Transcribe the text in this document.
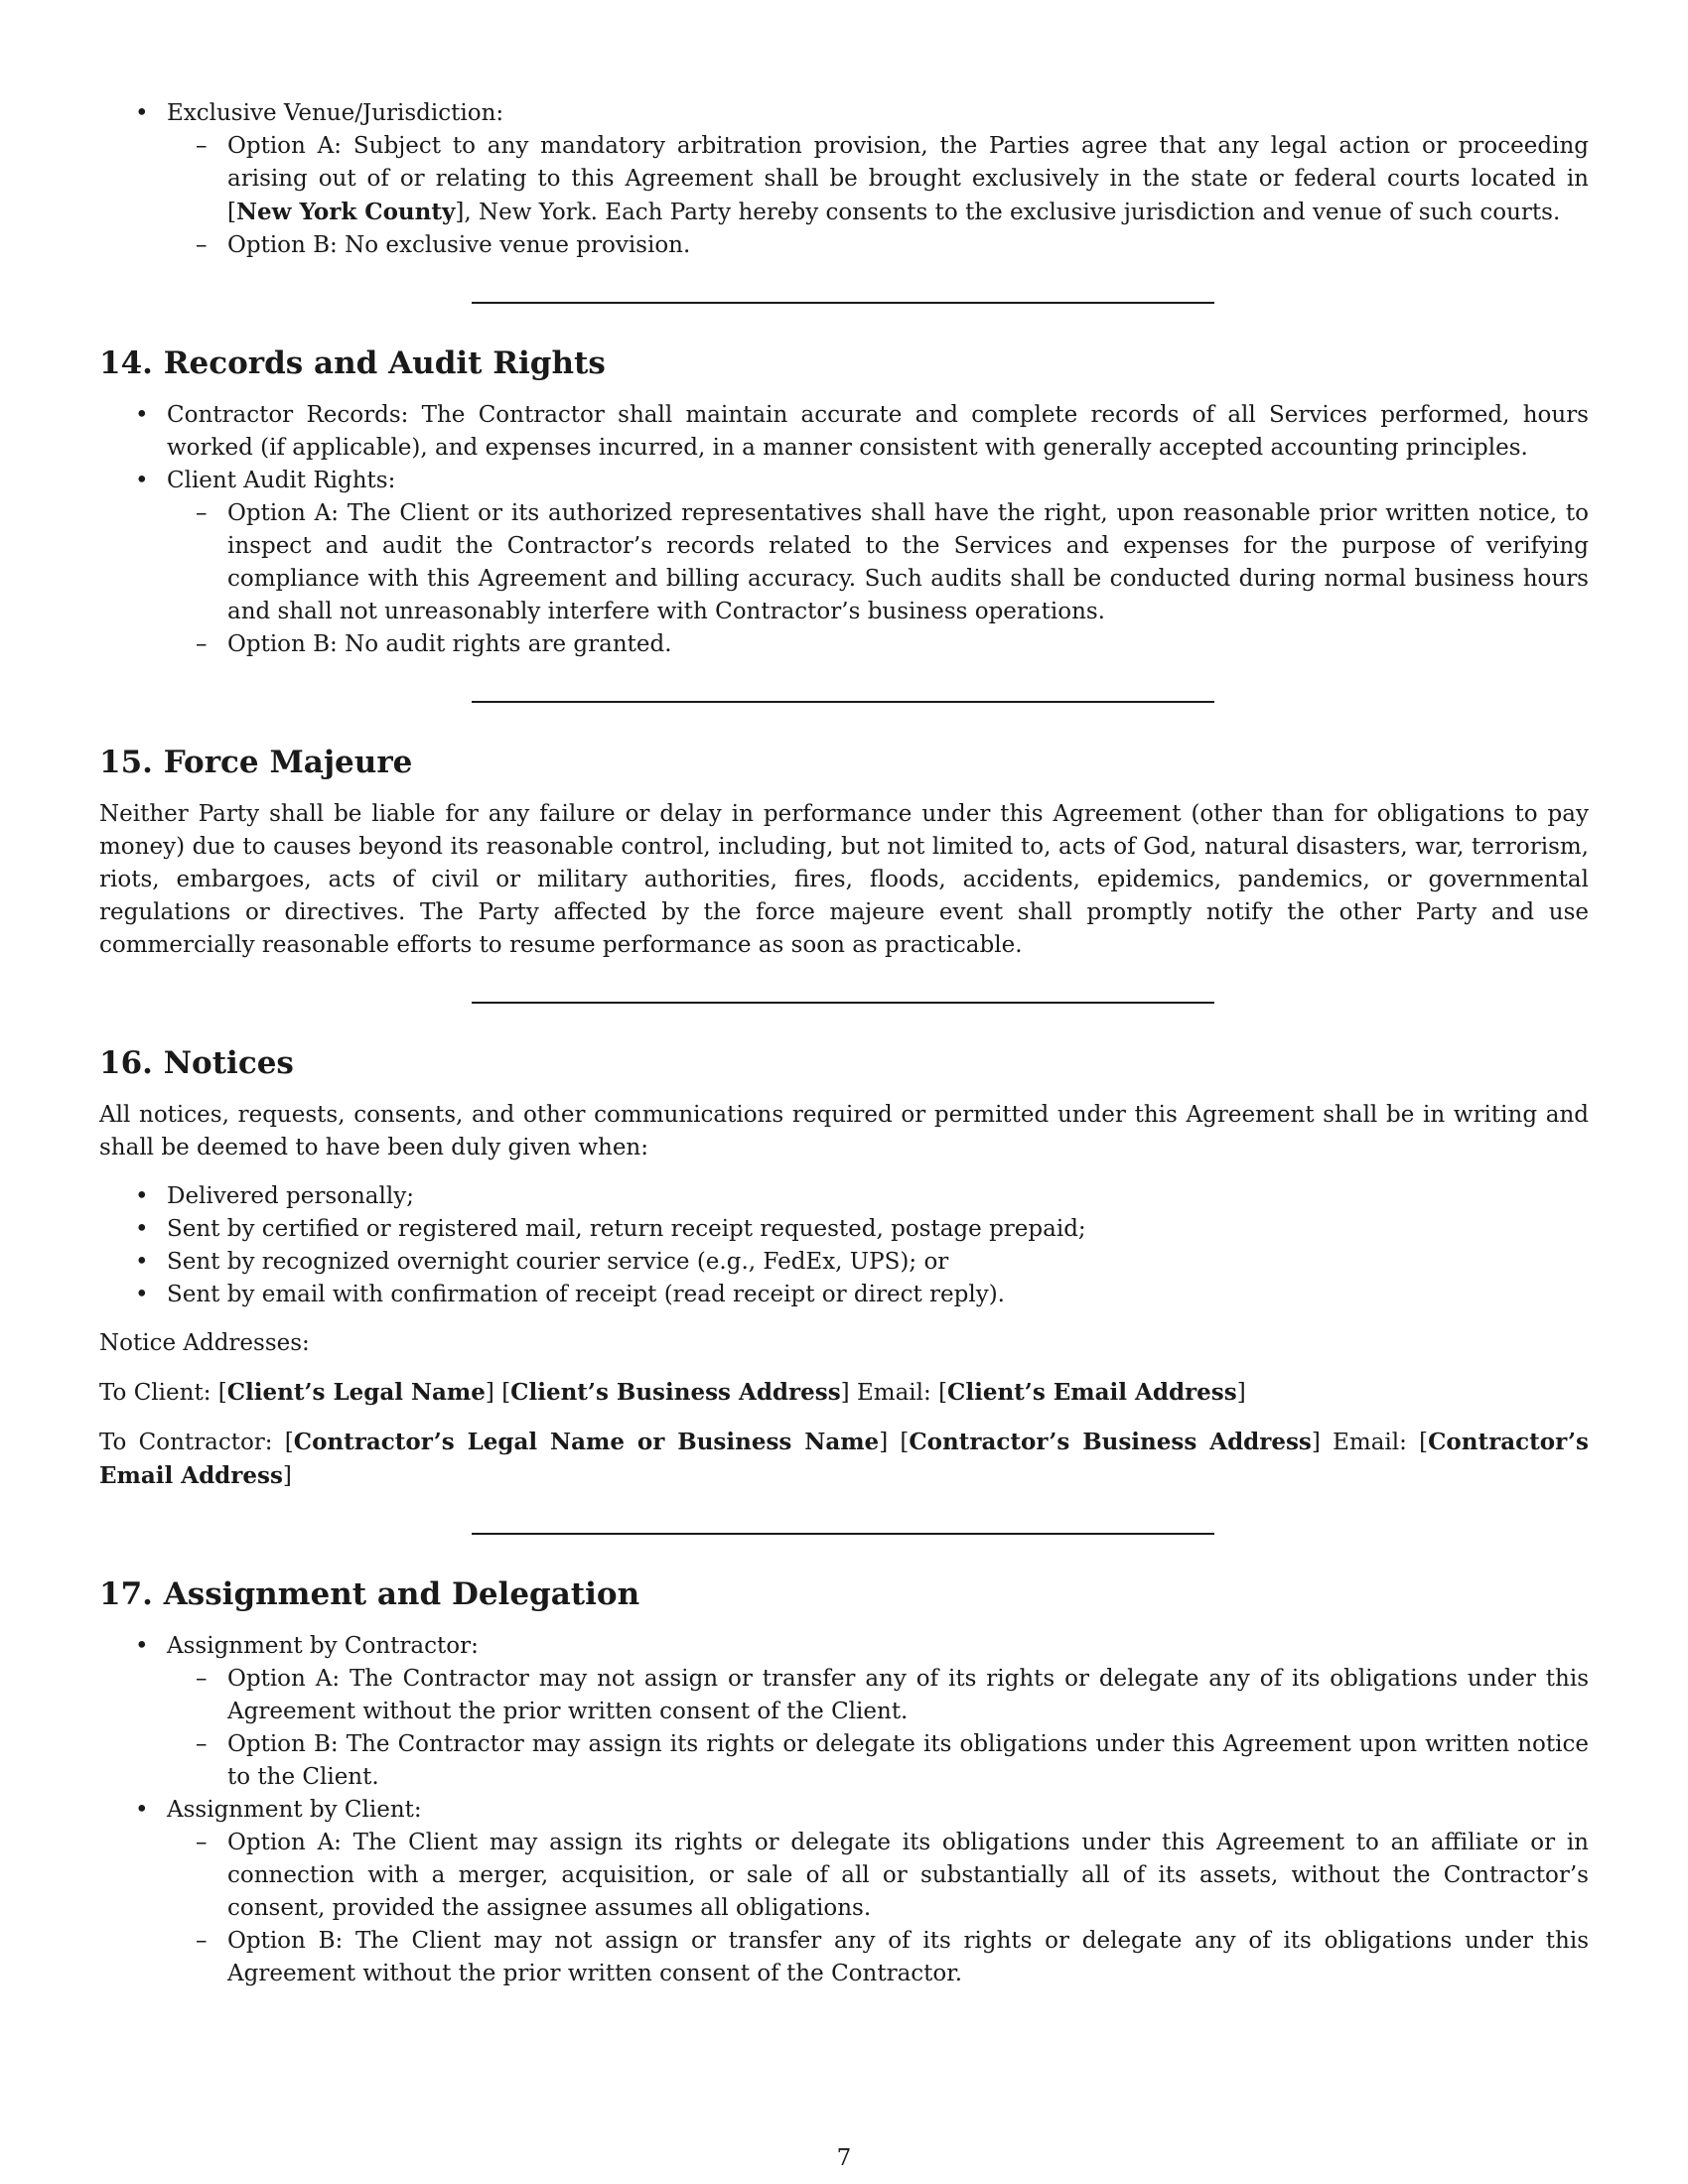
• Exclusive Venue/Jurisdiction:
– Option A: Subject to any mandatory arbitration provision, the Parties agree that any legal action or proceeding arising out of or relating to this Agreement shall be brought exclusively in the state or federal courts located in [New York County], New York. Each Party hereby consents to the exclusive jurisdiction and venue of such courts.
– Option B: No exclusive venue provision.
14. Records and Audit Rights
• Contractor Records: The Contractor shall maintain accurate and complete records of all Services performed, hours worked (if applicable), and expenses incurred, in a manner consistent with generally accepted accounting principles.
• Client Audit Rights:
– Option A: The Client or its authorized representatives shall have the right, upon reasonable prior written notice, to inspect and audit the Contractor’s records related to the Services and expenses for the purpose of verifying compliance with this Agreement and billing accuracy. Such audits shall be conducted during normal business hours and shall not unreasonably interfere with Contractor’s business operations.
– Option B: No audit rights are granted.
15. Force Majeure

Neither Party shall be liable for any failure or delay in performance under this Agreement (other than for obligations to pay money) due to causes beyond its reasonable control, including, but not limited to, acts of God, natural disasters, war, terrorism, riots, embargoes, acts of civil or military authorities, fires, floods, accidents, epidemics, pandemics, or governmental regulations or directives. The Party affected by the force majeure event shall promptly notify the other Party and use commercially reasonable efforts to resume performance as soon as practicable.

16. Notices

All notices, requests, consents, and other communications required or permitted under this Agreement shall be in writing and shall be deemed to have been duly given when:

• Delivered personally;
• Sent by certified or registered mail, return receipt requested, postage prepaid;
• Sent by recognized overnight courier service (e.g., FedEx, UPS); or
• Sent by email with confirmation of receipt (read receipt or direct reply).

Notice Addresses:

To Client: [Client’s Legal Name] [Client’s Business Address] Email: [Client’s Email Address]

To Contractor: [Contractor’s Legal Name or Business Name] [Contractor’s Business Address] Email: [Contractor’s Email Address]

17. Assignment and Delegation
• Assignment by Contractor:
– Option A: The Contractor may not assign or transfer any of its rights or delegate any of its obligations under this Agreement without the prior written consent of the Client.
– Option B: The Contractor may assign its rights or delegate its obligations under this Agreement upon written notice to the Client.
• Assignment by Client:
– Option A: The Client may assign its rights or delegate its obligations under this Agreement to an affiliate or in connection with a merger, acquisition, or sale of all or substantially all of its assets, without the Contractor’s consent, provided the assignee assumes all obligations.
– Option B: The Client may not assign or transfer any of its rights or delegate any of its obligations under this Agreement without the prior written consent of the Contractor.
7
